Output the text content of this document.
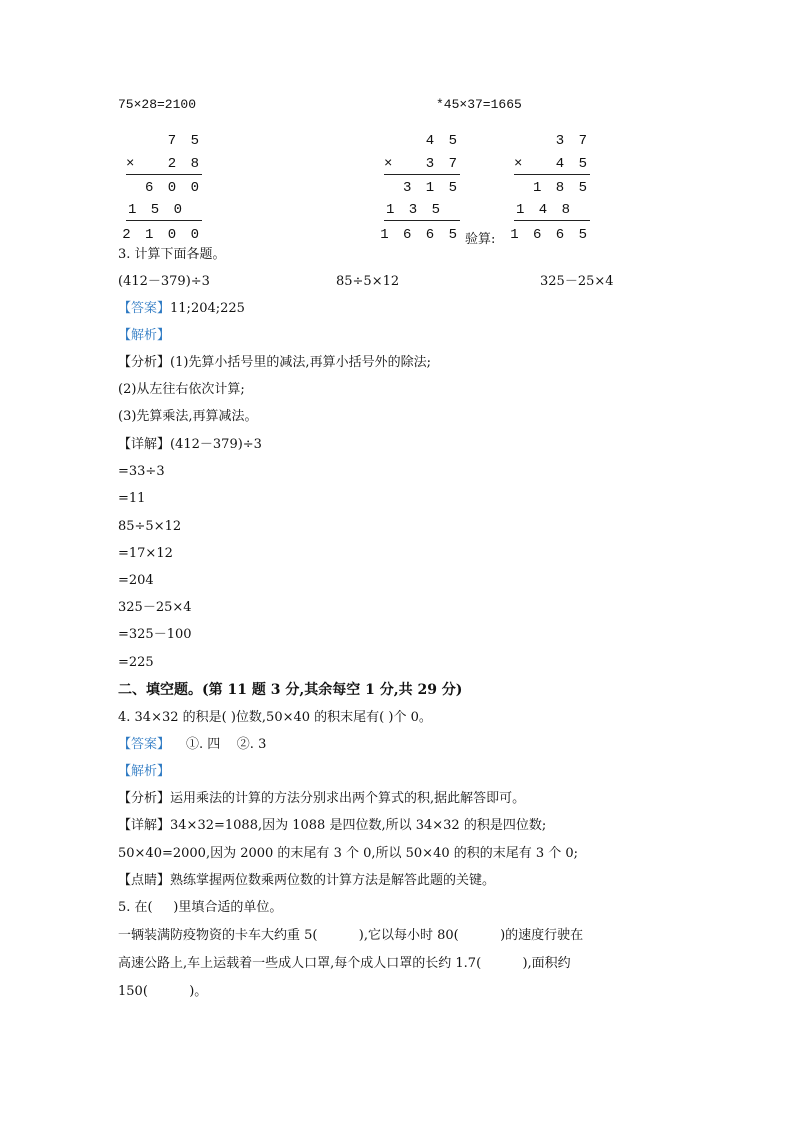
75×28=2100	*45×37=1665
7 5
× 2 8
6 0 0
1 5 0
2 1 0 0
4 5
× 3 7
3 1 5
1 3 5
1 6 6 5 验算:
3 7
× 4 5
1 8 5
1 4 8
1 6 6 5
3. 计算下面各题。
(412－379)÷3	85÷5×12	325－25×4
【答案】11;204;225
【解析】
【分析】(1)先算小括号里的减法,再算小括号外的除法;
(2)从左往右依次计算;
(3)先算乘法,再算减法。
【详解】(412－379)÷3
=33÷3
=11
85÷5×12
=17×12
=204
325－25×4
=325－100
=225
二、填空题。(第 11 题 3 分,其余每空 1 分,共 29 分)
4. 34×32 的积是( )位数,50×40 的积末尾有( )个 0。
【答案】 ①. 四    ②. 3
【解析】
【分析】运用乘法的计算的方法分别求出两个算式的积,据此解答即可。
【详解】34×32=1088,因为 1088 是四位数,所以 34×32 的积是四位数;
50×40=2000,因为 2000 的末尾有 3 个 0,所以 50×40 的积的末尾有 3 个 0;
【点睛】熟练掌握两位数乘两位数的计算方法是解答此题的关键。
5. 在(     )里填合适的单位。
一辆装满防疫物资的卡车大约重 5(          ),它以每小时 80(          )的速度行驶在
高速公路上,车上运载着一些成人口罩,每个成人口罩的长约 1.7(          ),面积约
150(          )。
